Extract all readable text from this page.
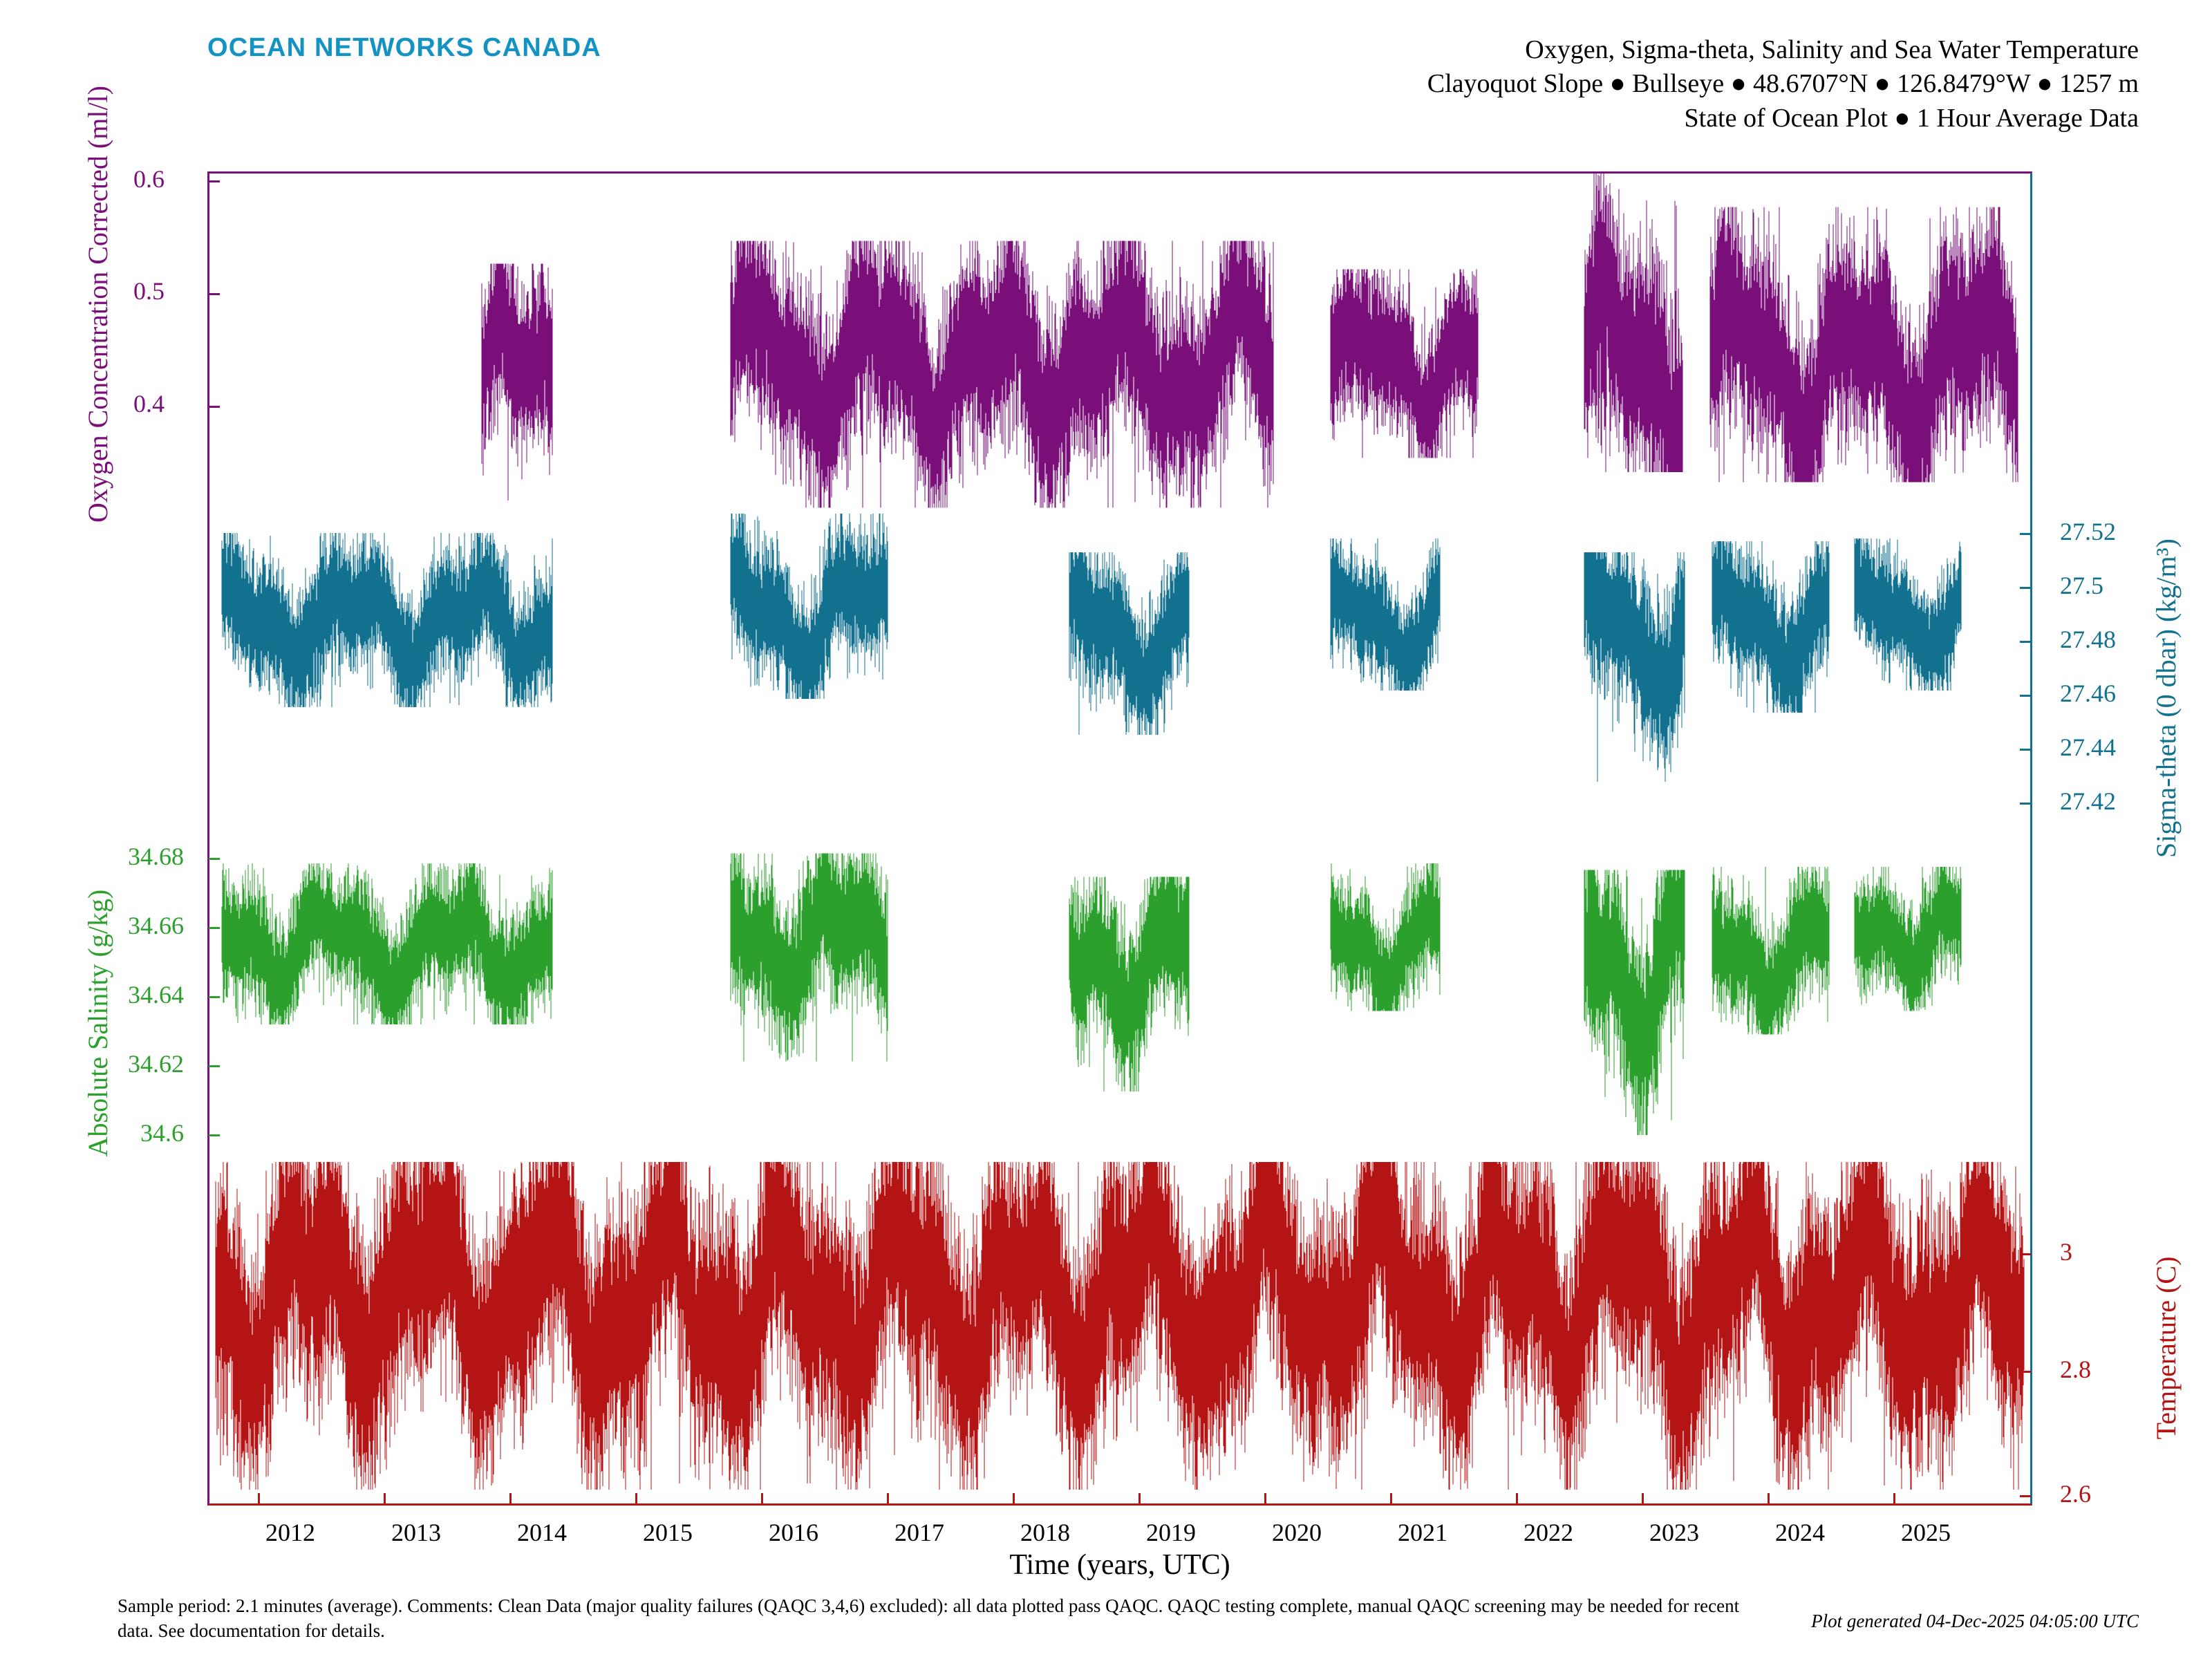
OCEAN NETWORKS CANADA	Oxygen, Sigma-theta, Salinity and Sea Water Temperature
Clayoquot Slope ● Bullseye ● 48.6707°N ● 126.8479°W ● 1257 m
State of Ocean Plot ● 1 Hour Average Data
Oxygen Concentration Corrected (ml/l)
Sigma-theta (0 dbar) (kg/m³)
Absolute Salinity (g/kg)
Temperature (C)
0.6
0.5
0.4
27.52
27.5
27.48
27.46
27.44
27.42
34.68
34.66
34.64
34.62
34.6
3
2.8
2.6
2012	2013	2014	2015	2016	2017	2018	2019	2020	2021	2022	2023	2024	2025
Time (years, UTC)
Sample period: 2.1 minutes (average). Comments: Clean Data (major quality failures (QAQC 3,4,6) excluded): all data plotted pass QAQC. QAQC testing complete, manual QAQC screening may be needed for recent data. See documentation for details.	Plot generated 04-Dec-2025 04:05:00 UTC
